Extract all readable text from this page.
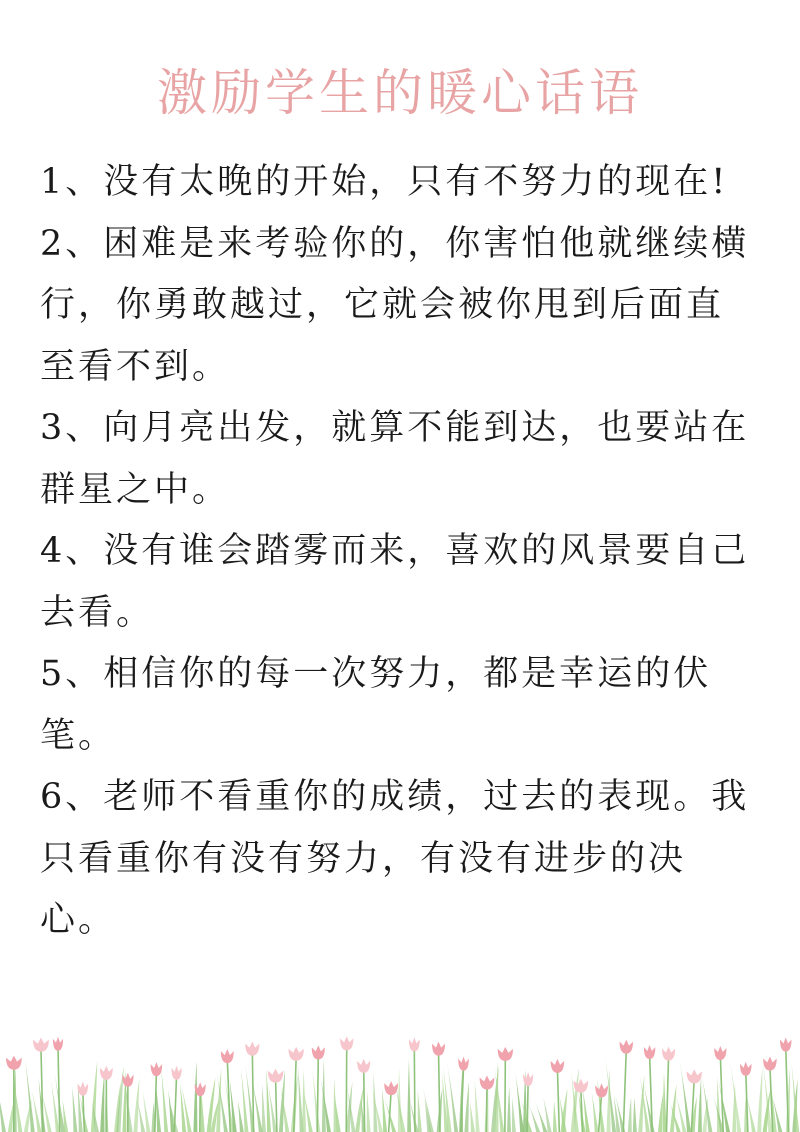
激励学生的暖心话语

1、没有太晚的开始，只有不努力的现在!

2、困难是来考验你的，你害怕他就继续横行，你勇敢越过，它就会被你甩到后面直至看不到。

3、向月亮出发，就算不能到达，也要站在群星之中。

4、没有谁会踏雾而来，喜欢的风景要自己去看。

5、相信你的每一次努力，都是幸运的伏笔。

6、老师不看重你的成绩，过去的表现。我只看重你有没有努力，有没有进步的决心。
